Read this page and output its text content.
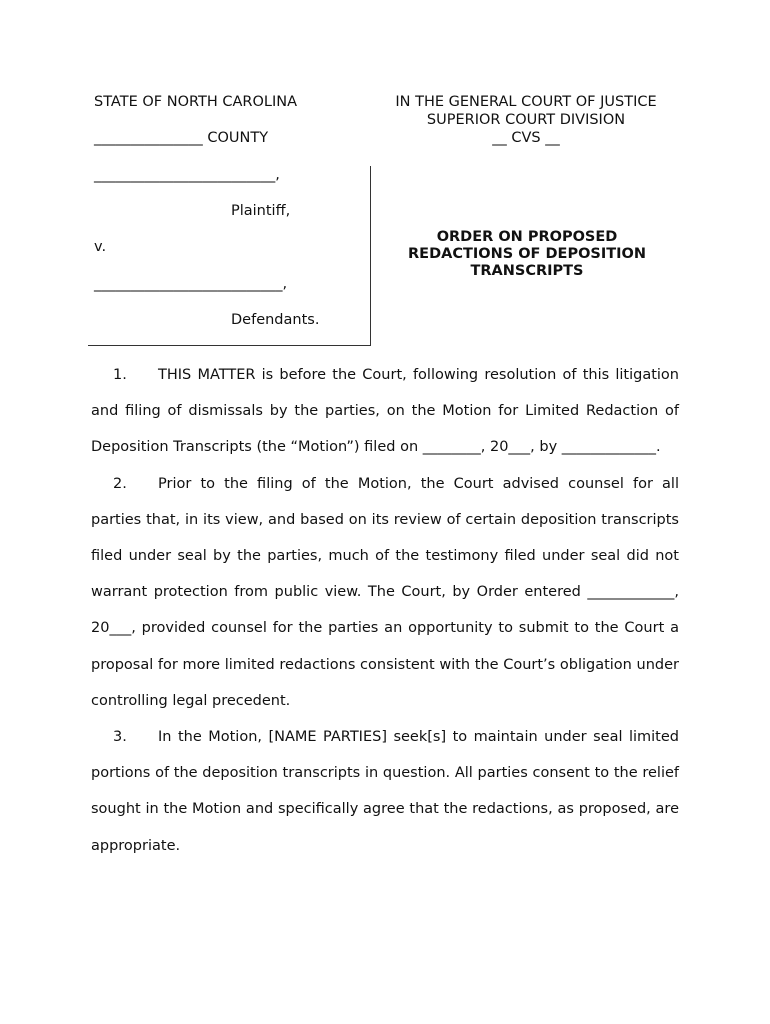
STATE OF NORTH CAROLINA
_______________ COUNTY
IN THE GENERAL COURT OF JUSTICE
SUPERIOR COURT DIVISION
__ CVS __
_________________________,
Plaintiff,
v.
__________________________,
Defendants.
ORDER ON PROPOSED
REDACTIONS OF DEPOSITION
TRANSCRIPTS

1. THIS MATTER is before the Court, following resolution of this litigation and filing of dismissals by the parties, on the Motion for Limited Redaction of Deposition Transcripts (the “Motion”) filed on ________, 20___, by _____________.

2. Prior to the filing of the Motion, the Court advised counsel for all parties that, in its view, and based on its review of certain deposition transcripts filed under seal by the parties, much of the testimony filed under seal did not warrant protection from public view. The Court, by Order entered ____________, 20___, provided counsel for the parties an opportunity to submit to the Court a proposal for more limited redactions consistent with the Court’s obligation under controlling legal precedent.

3. In the Motion, [NAME PARTIES] seek[s] to maintain under seal limited portions of the deposition transcripts in question. All parties consent to the relief sought in the Motion and specifically agree that the redactions, as proposed, are appropriate.
